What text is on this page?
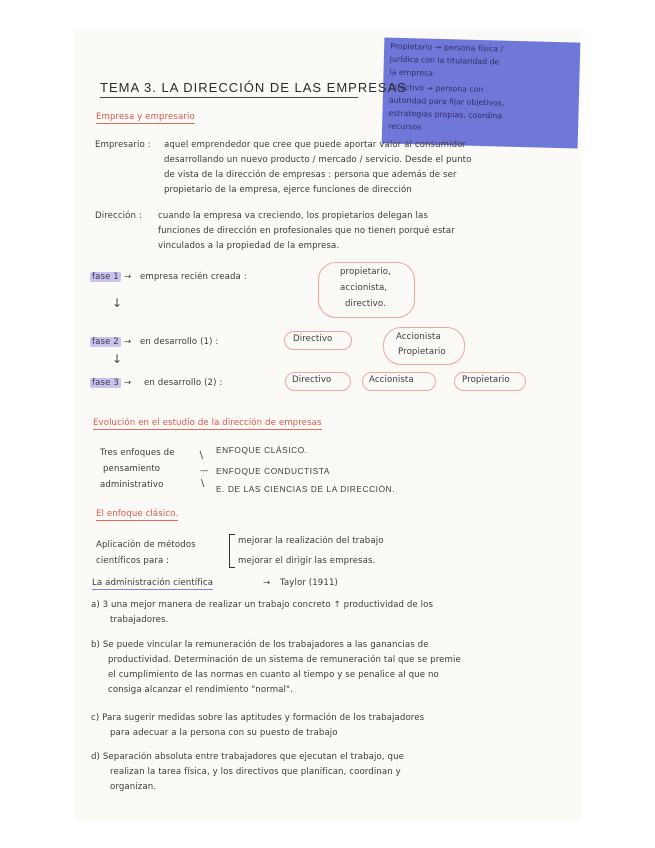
Propietario → persona física /
jurídica con la titularidad de
la empresa.
Directivo → persona con
autoridad para fijar objetivos,
estrategias propias, coordina
recursos
TEMA 3. LA DIRECCIÓN DE LAS EMPRESAS
Empresa y empresario
Empresario : aquel emprendedor que cree que puede aportar valor al consumidor
desarrollando un nuevo producto / mercado / servicio. Desde el punto
de vista de la dirección de empresas : persona que además de ser
propietario de la empresa, ejerce funciones de dirección
Dirección : cuando la empresa va creciendo, los propietarios delegan las
funciones de dirección en profesionales que no tienen porqué estar
vinculados a la propiedad de la empresa.
fase 1 → empresa recién creada :	propietario,
accionista,
directivo.
↓
fase 2 → en desarrollo (1) :	Directivo	Accionista
Propietario
↓
fase 3 → en desarrollo (2) :	Directivo	Accionista	Propietario
Evolución en el estudio de la dirección de empresas
Tres enfoques de
pensamiento
administrativo
/
—
\
ENFOQUE CLÁSICO.
ENFOQUE CONDUCTISTA
E. DE LAS CIENCIAS DE LA DIRECCIÓN.
El enfoque clásico.
Aplicación de métodos
científicos para :
mejorar la realización del trabajo
mejorar el dirigir las empresas.
La administración científica	→ Taylor (1911)
a) 3 una mejor manera de realizar un trabajo concreto ↑ productividad de los
trabajadores.
b) Se puede vincular la remuneración de los trabajadores a las ganancias de
productividad. Determinación de un sistema de remuneración tal que se premie
el cumplimiento de las normas en cuanto al tiempo y se penalice al que no
consiga alcanzar el rendimiento "normal".
c) Para sugerir medidas sobre las aptitudes y formación de los trabajadores
para adecuar a la persona con su puesto de trabajo
d) Separación absoluta entre trabajadores que ejecutan el trabajo, que
realizan la tarea física, y los directivos que planifican, coordinan y
organizan.
